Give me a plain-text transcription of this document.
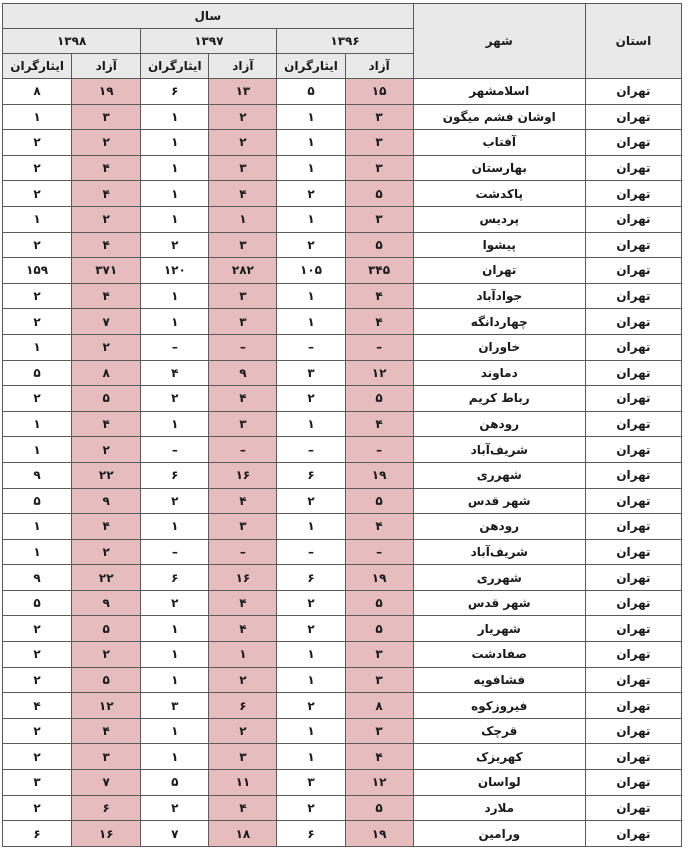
استان	شهر	سال					
		۱۳۹۶		۱۳۹۷		۱۳۹۸	
		آزاد	ایثارگران	آزاد	ایثارگران	آزاد	ایثارگران
تهران	اسلامشهر	۱۵	۵	۱۳	۶	۱۹	۸
تهران	اوشان فشم میگون	۳	۱	۲	۱	۳	۱
تهران	آفتاب	۳	۱	۲	۱	۲	۲
تهران	بهارستان	۳	۱	۳	۱	۴	۲
تهران	پاکدشت	۵	۲	۴	۱	۴	۲
تهران	پردیس	۳	۱	۱	۱	۲	۱
تهران	پیشوا	۵	۲	۳	۲	۴	۲
تهران	تهران	۳۴۵	۱۰۵	۲۸۲	۱۲۰	۳۷۱	۱۵۹
تهران	جوادآباد	۴	۱	۳	۱	۴	۲
تهران	چهاردانگه	۴	۱	۳	۱	۷	۲
تهران	خاوران	–	–	–	–	۲	۱
تهران	دماوند	۱۲	۳	۹	۴	۸	۵
تهران	رباط کریم	۵	۲	۴	۲	۵	۲
تهران	رودهن	۴	۱	۳	۱	۴	۱
تهران	شریف‌آباد	–	–	–	–	۲	۱
تهران	شهرری	۱۹	۶	۱۶	۶	۲۲	۹
تهران	شهر قدس	۵	۲	۴	۲	۹	۵
تهران	رودهن	۴	۱	۳	۱	۴	۱
تهران	شریف‌آباد	–	–	–	–	۲	۱
تهران	شهرری	۱۹	۶	۱۶	۶	۲۲	۹
تهران	شهر قدس	۵	۲	۴	۲	۹	۵
تهران	شهریار	۵	۲	۴	۱	۵	۲
تهران	صفادشت	۳	۱	۱	۱	۲	۲
تهران	فشافویه	۳	۱	۲	۱	۵	۲
تهران	فیروزکوه	۸	۲	۶	۳	۱۲	۴
تهران	قرچک	۳	۱	۲	۱	۴	۲
تهران	کهریزک	۴	۱	۳	۱	۳	۲
تهران	لواسان	۱۲	۳	۱۱	۵	۷	۳
تهران	ملارد	۵	۲	۴	۲	۶	۲
تهران	ورامین	۱۹	۶	۱۸	۷	۱۶	۶
